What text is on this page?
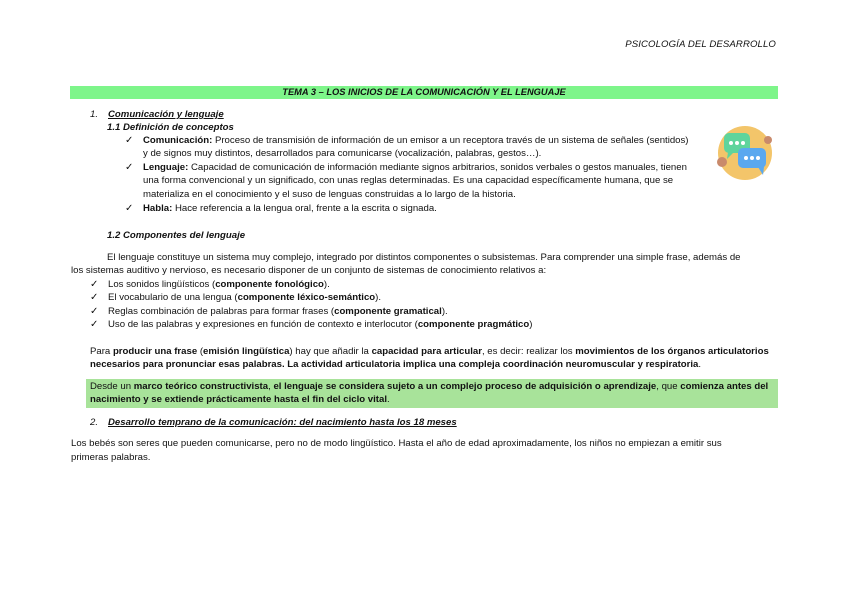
PSICOLOGÍA DEL DESARROLLO
TEMA 3 – LOS INICIOS DE LA COMUNICACIÓN Y EL LENGUAJE
1. Comunicación y lenguaje
1.1 Definición de conceptos
✓ Comunicación: Proceso de transmisión de información de un emisor a un receptora través de un sistema de señales (sentidos)
y de signos muy distintos, desarrollados para comunicarse (vocalización, palabras, gestos…).
✓ Lenguaje: Capacidad de comunicación de información mediante signos arbitrarios, sonidos verbales o gestos manuales, tienen
una forma convencional y un significado, con unas reglas determinadas. Es una capacidad específicamente humana, que se
materializa en el conocimiento y el suso de lenguas construidas a lo largo de la historia.
✓ Habla: Hace referencia a la lengua oral, frente a la escrita o signada.
1.2 Componentes del lenguaje
El lenguaje constituye un sistema muy complejo, integrado por distintos componentes o subsistemas. Para comprender una simple frase, además de
los sistemas auditivo y nervioso, es necesario disponer de un conjunto de sistemas de conocimiento relativos a:
✓ Los sonidos lingüísticos (componente fonológico).
✓ El vocabulario de una lengua (componente léxico-semántico).
✓ Reglas combinación de palabras para formar frases (componente gramatical).
✓ Uso de las palabras y expresiones en función de contexto e interlocutor (componente pragmático)
Para producir una frase (emisión lingüística) hay que añadir la capacidad para articular, es decir: realizar los movimientos de los órganos articulatorios
necesarios para pronunciar esas palabras. La actividad articulatoria implica una compleja coordinación neuromuscular y respiratoria.
Desde un marco teórico constructivista, el lenguaje se considera sujeto a un complejo proceso de adquisición o aprendizaje, que comienza antes del
nacimiento y se extiende prácticamente hasta el fin del ciclo vital.
2. Desarrollo temprano de la comunicación: del nacimiento hasta los 18 meses
Los bebés son seres que pueden comunicarse, pero no de modo lingüístico. Hasta el año de edad aproximadamente, los niños no empiezan a emitir sus
primeras palabras.
